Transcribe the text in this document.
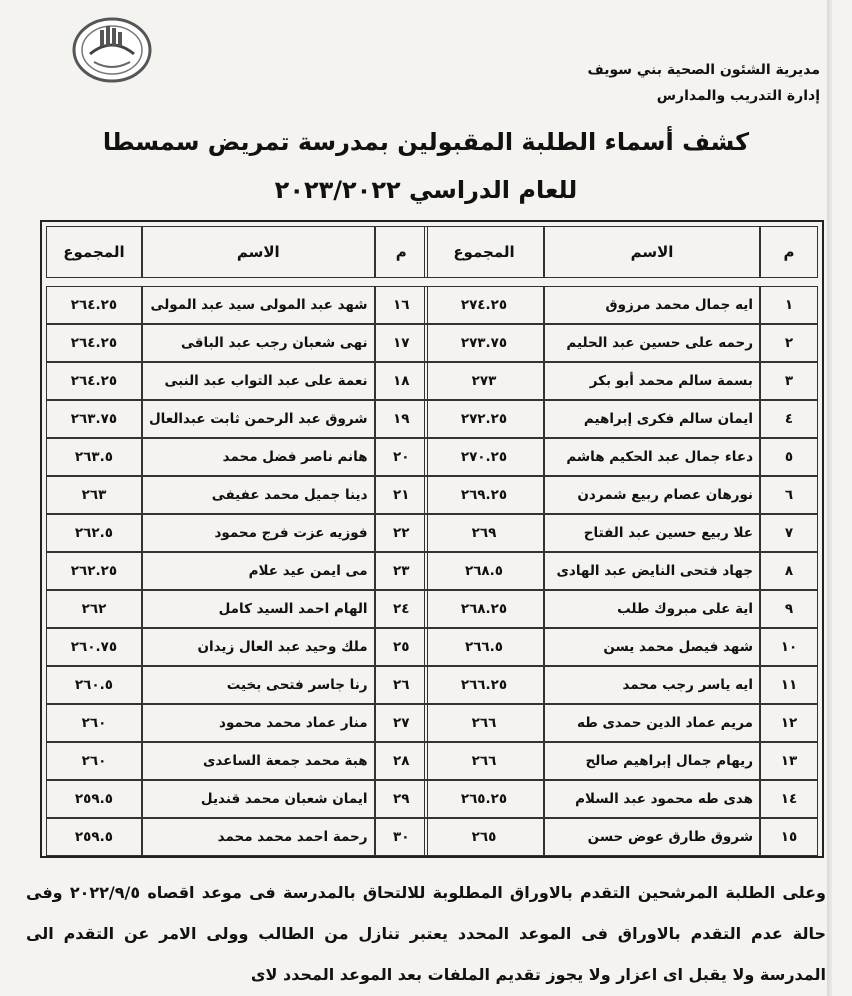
مديرية الشئون الصحية بني سويف
إدارة التدريب والمدارس
كشف أسماء الطلبة المقبولين بمدرسة تمريض سمسطا
للعام الدراسي ٢٠٢٣/٢٠٢٢
م	الاسم	المجموع

١	ايه جمال محمد مرزوق	٢٧٤.٢٥
٢	رحمه على حسين عبد الحليم	٢٧٣.٧٥
٣	بسمة سالم محمد أبو بكر	٢٧٣
٤	ايمان سالم فكرى إبراهيم	٢٧٢.٢٥
٥	دعاء جمال عبد الحكيم هاشم	٢٧٠.٢٥
٦	نورهان عصام ربيع شمردن	٢٦٩.٢٥
٧	علا ربيع حسين عبد الفتاح	٢٦٩
٨	جهاد فتحى النايض عبد الهادى	٢٦٨.٥
٩	اية على مبروك طلب	٢٦٨.٢٥
١٠	شهد فيصل محمد يسن	٢٦٦.٥
١١	ايه ياسر رجب محمد	٢٦٦.٢٥
١٢	مريم عماد الدين حمدى طه	٢٦٦
١٣	ريهام جمال إبراهيم صالح	٢٦٦
١٤	هدى طه محمود عبد السلام	٢٦٥.٢٥
١٥	شروق طارق عوض حسن	٢٦٥
م	الاسم	المجموع

١٦	شهد عبد المولى سيد عبد المولى	٢٦٤.٢٥
١٧	نهى شعبان رجب عبد الباقى	٢٦٤.٢٥
١٨	نعمة على عبد التواب عبد النبى	٢٦٤.٢٥
١٩	شروق عبد الرحمن ثابت عبدالعال	٢٦٣.٧٥
٢٠	هانم ناصر فضل محمد	٢٦٣.٥
٢١	دينا جميل محمد عفيفى	٢٦٣
٢٢	فوزيه عزت فرج محمود	٢٦٢.٥
٢٣	مى ايمن عيد علام	٢٦٢.٢٥
٢٤	الهام احمد السيد كامل	٢٦٢
٢٥	ملك وحيد عبد العال زيدان	٢٦٠.٧٥
٢٦	رنا جاسر فتحى بخيت	٢٦٠.٥
٢٧	منار عماد محمد محمود	٢٦٠
٢٨	هبة محمد جمعة الساعدى	٢٦٠
٢٩	ايمان شعبان محمد قنديل	٢٥٩.٥
٣٠	رحمة احمد محمد محمد	٢٥٩.٥
وعلى الطلبة المرشحين التقدم بالاوراق المطلوبة للالتحاق بالمدرسة فى موعد اقصاه ٢٠٢٢/٩/٥ وفى حالة عدم التقدم بالاوراق فى الموعد المحدد يعتبر تنازل من الطالب وولى الامر عن التقدم الى المدرسة ولا يقبل اى اعزار ولا يجوز تقديم الملفات بعد الموعد المحدد لاى
